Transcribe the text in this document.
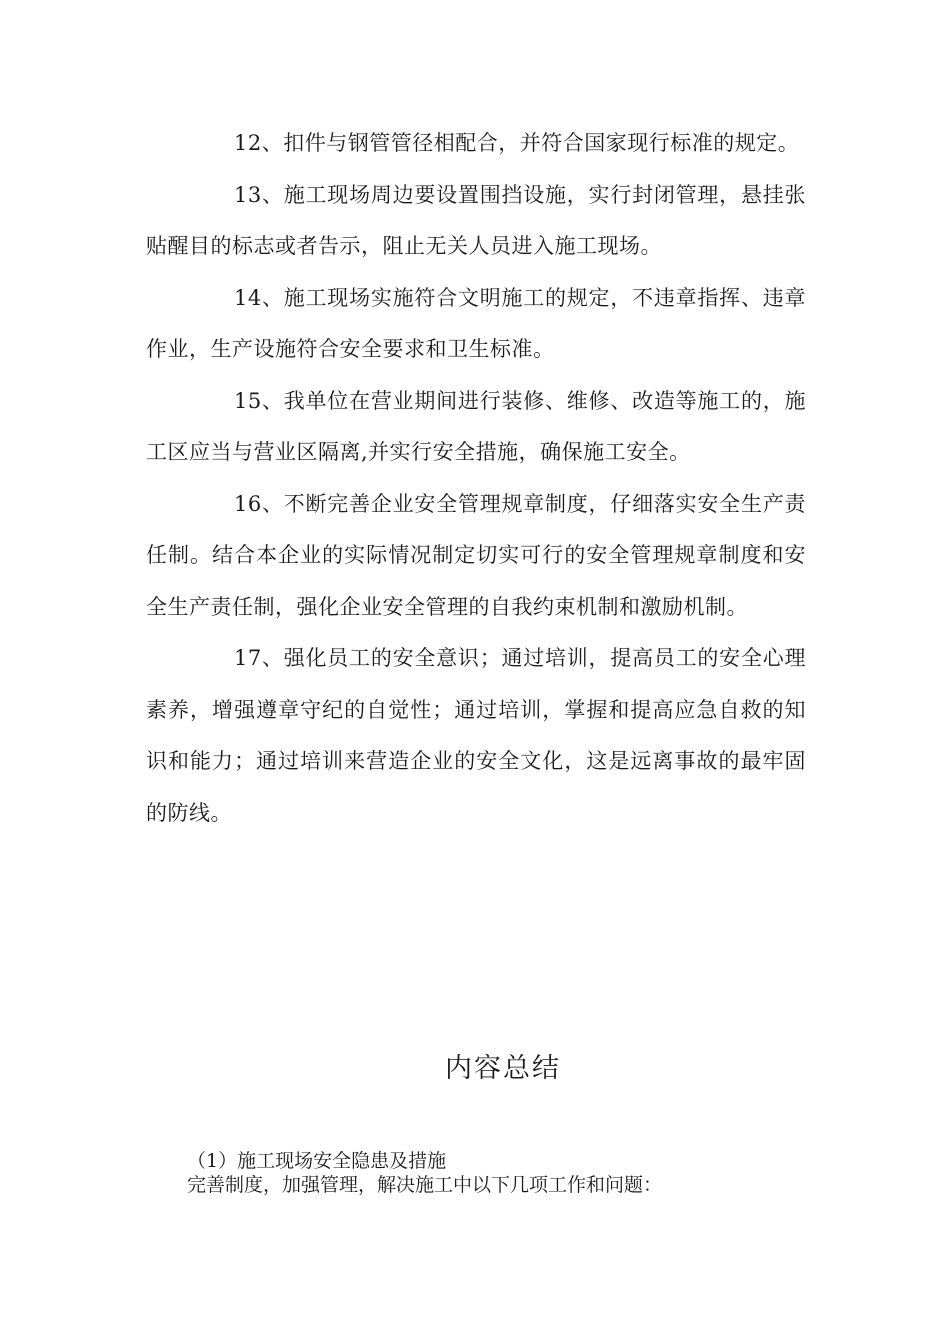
12、扣件与钢管管径相配合，并符合国家现行标准的规定。

13、施工现场周边要设置围挡设施，实行封闭管理，悬挂张贴醒目的标志或者告示，阻止无关人员进入施工现场。

14、施工现场实施符合文明施工的规定，不违章指挥、违章作业，生产设施符合安全要求和卫生标准。

15、我单位在营业期间进行装修、维修、改造等施工的，施工区应当与营业区隔离,并实行安全措施，确保施工安全。

16、不断完善企业安全管理规章制度，仔细落实安全生产责任制。结合本企业的实际情况制定切实可行的安全管理规章制度和安全生产责任制，强化企业安全管理的自我约束机制和激励机制。

17、强化员工的安全意识；通过培训，提高员工的安全心理素养，增强遵章守纪的自觉性；通过培训，掌握和提高应急自救的知识和能力；通过培训来营造企业的安全文化，这是远离事故的最牢固的防线。

内容总结

（1）施工现场安全隐患及措施

完善制度，加强管理，解决施工中以下几项工作和问题：
